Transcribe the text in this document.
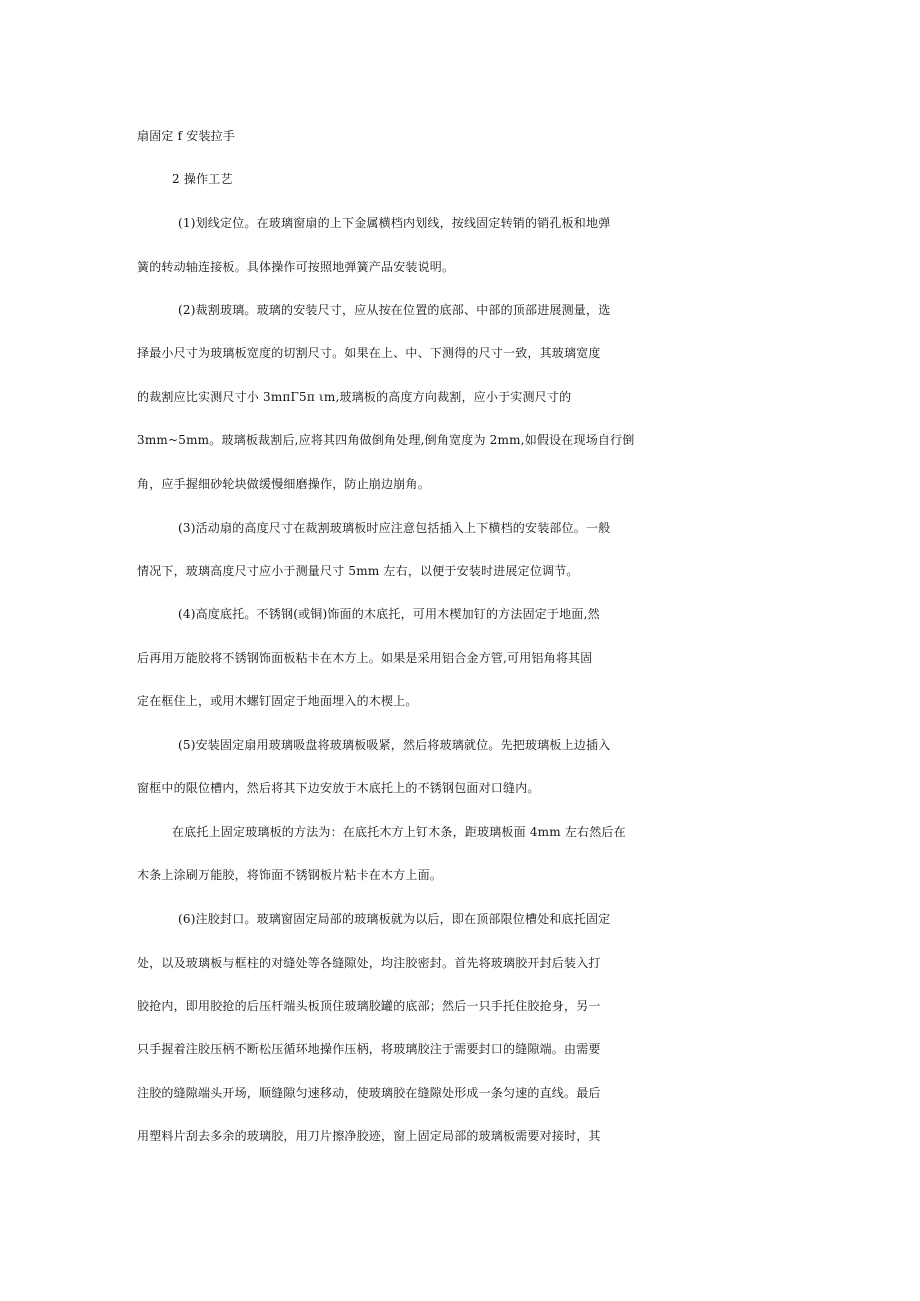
扇固定 f 安装拉手
2 操作工艺
(1)划线定位。在玻璃窗扇的上下金属横档内划线，按线固定转销的销孔板和地弹
簧的转动轴连接板。具体操作可按照地弹簧产品安装说明。
(2)裁割玻璃。玻璃的安装尺寸，应从按在位置的底部、中部的顶部进展测量，选
择最小尺寸为玻璃板宽度的切割尺寸。如果在上、中、下测得的尺寸一致，其玻璃宽度
的裁割应比实测尺寸小 3mπΓ5π ιm,玻璃板的高度方向裁割，应小于实测尺寸的
3mm~5mm。玻璃板裁割后,应将其四角做倒角处理,倒角宽度为 2mm,如假设在现场自行倒
角，应手握细砂轮块做缓慢细磨操作，防止崩边崩角。
(3)活动扇的高度尺寸在裁割玻璃板时应注意包括插入上下横档的安装部位。一般
情况下，玻璃高度尺寸应小于测量尺寸 5mm 左右，以便于安装时进展定位调节。
(4)高度底托。不锈钢(或铜)饰面的木底托，可用木楔加钉的方法固定于地面,然
后再用万能胶将不锈钢饰面板粘卡在木方上。如果是采用铝合金方管,可用铝角将其固
定在框住上，或用木螺钉固定于地面埋入的木楔上。
(5)安装固定扇用玻璃吸盘将玻璃板吸紧，然后将玻璃就位。先把玻璃板上边插入
窗框中的限位槽内，然后将其下边安放于木底托上的不锈钢包面对口缝内。
在底托上固定玻璃板的方法为：在底托木方上钉木条，距玻璃板面 4mm 左右然后在
木条上涂刷万能胶，将饰面不锈钢板片粘卡在木方上面。
(6)注胶封口。玻璃窗固定局部的玻璃板就为以后，即在顶部限位槽处和底托固定
处，以及玻璃板与框柱的对缝处等各缝隙处，均注胶密封。首先将玻璃胶开封后装入打
胶抢内，即用胶抢的后压杆端头板顶住玻璃胶罐的底部；然后一只手托住胶抢身，另一
只手握着注胶压柄不断松压循环地操作压柄，将玻璃胶注于需要封口的缝隙端。由需要
注胶的缝隙端头开场，顺缝隙匀速移动，使玻璃胶在缝隙处形成一条匀速的直线。最后
用塑料片刮去多余的玻璃胶，用刀片擦净胶迹，窗上固定局部的玻璃板需要对接时，其
